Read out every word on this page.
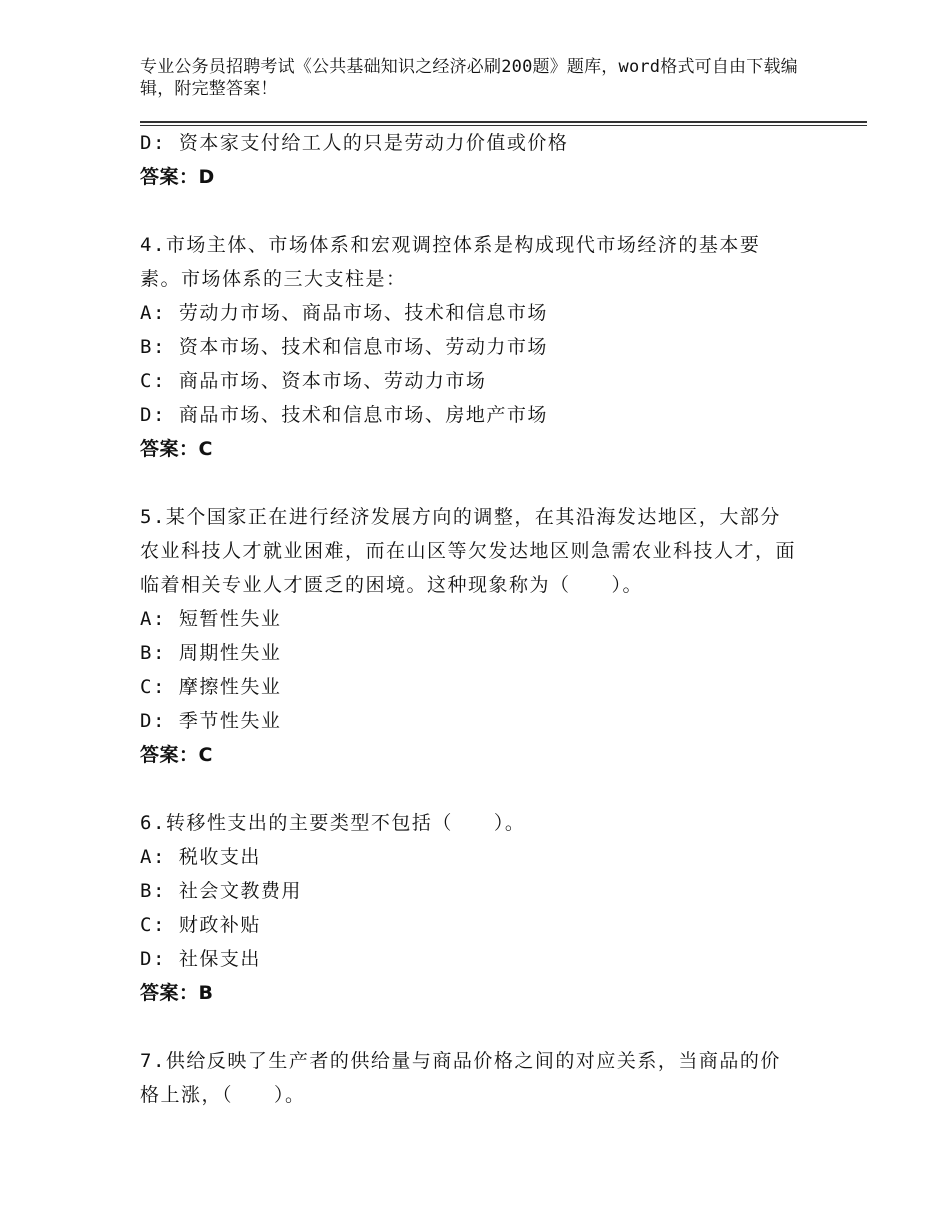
专业公务员招聘考试《公共基础知识之经济必刷200题》题库，word格式可自由下载编辑，附完整答案！
D: 资本家支付给工人的只是劳动力价值或价格
答案：D
4.市场主体、市场体系和宏观调控体系是构成现代市场经济的基本要素。市场体系的三大支柱是：
A: 劳动力市场、商品市场、技术和信息市场
B: 资本市场、技术和信息市场、劳动力市场
C: 商品市场、资本市场、劳动力市场
D: 商品市场、技术和信息市场、房地产市场
答案：C
5.某个国家正在进行经济发展方向的调整，在其沿海发达地区，大部分农业科技人才就业困难，而在山区等欠发达地区则急需农业科技人才，面临着相关专业人才匮乏的困境。这种现象称为（　　）。
A: 短暂性失业
B: 周期性失业
C: 摩擦性失业
D: 季节性失业
答案：C
6.转移性支出的主要类型不包括（　　）。
A: 税收支出
B: 社会文教费用
C: 财政补贴
D: 社保支出
答案：B
7.供给反映了生产者的供给量与商品价格之间的对应关系，当商品的价格上涨，（　　）。
